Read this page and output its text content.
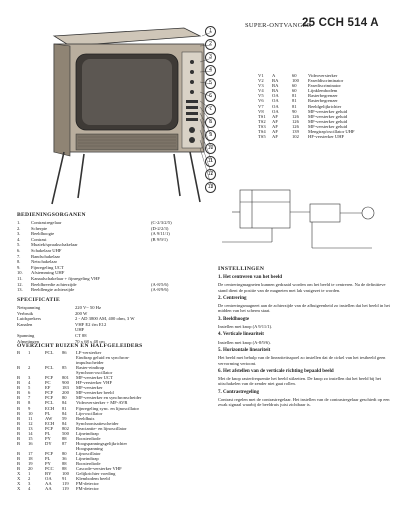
SUPER-ONTVANGER
25 CCH 514 A
1
2
3
4
5
6
7
8
9
10
11
12
13
V1	A	60	Videoversterker
V2	BA	100	Faseddiscriminator
V3	BA	60	Fasediscriminator
V4	BA	60	Lijnklembodem
V5	OA	81	Rasterbegrenzer
V6	OA	81	Rasterbegrenzer
V7	OA	81	Beeldgelijkrichter
V8	OA	90	MF-versterker geluid
TS1	AF	126	MF-versterker geluid
TS2	AF	126	MF-versterker geluid
TS3	AF	126	MF-versterker geluid
TS4	AF	139	Mengtrap/oscillator UHF
TS5	AF	102	HF-versterker UHF
BEDIENINGSORGANEN
1.	Contrastregelaar	(C-2/3/2/5)
2.	Scherpte	(D-2/2/3)
3.	Beeldhoogte	(A 9/11/1)
4.	Contrast	(B 9/9/1)
5.	Muziek/spraakschakelaar
6.	Schakelaar UHF
7.	Bandschakelaar
8.	Netschakelaar
9.	Fijnregeling UCT
10.	Afstemming UHF
11.	Kanaalschakelaar + fijnregeling VHF
12.	Beeldbreedte achterzijde	(A-8/5/6)
13.	Beeldlengte achterzijde	(A-8/9/6)
SPECIFICATIE
Netspanning	220 V~ 50 Hz
Verbruik	200 W
Luidsprekers	2 - AD 3800 AM, 400 ohm, 3 W
Kanalen	VHF E2 t/m E12
UHF
Spanning	CT 88
Afmetingen	70 x 68 x 48 cm
OVERZICHT BUIZEN EN HALFGELEIDERS
B	1	PCL	86	LF-versterker
Eindtrap geluid en synchron-
impulsscheider
B	2	PCL	85	Raster-eindtrap
Synchron-oscillator
B	3	PCF	801	MF-versterker UCT
B	4	PC	900	HF-versterker VHF
B	5	EF	183	MF-versterker
B	6	PCF	200	MF-versterker beeld
B	7	PCF	80	MF-versterker en synchronscheider
B	8	PCL	84	Videoversterker + MF-AVR
B	9	ECH	81	Fijnregeling sync. en lijnoscillator
B	10	PL	84	Lijn-oscillator
B	11	AW	59	Beeldbuis
B	12	ECH	84	Synchronisatiescheider
B	13	PCF	802	Reactantie- en lijnoscillator
B	14	PL	500	Lijneindtrap
B	15	PY	88	Boosterdiode
B	16	DY	87	Hoogspanningsgelijkrichter
Hoogspanning
B	17	PCF	80	Lijnoscillator
B	18	PL	36	Lijneindtrap
B	19	PY	88	Boosterdiode
B	20	PCC	88	Cascode-versterker VHF
X	1	BY	100	Gelijkrichter voeding
X	2	OA	91	Klembodem beeld
X	3	AA	119	FM-detector
X	4	AA	119	FM-detector
INSTELLINGEN

1. Het centreren van het beeld

De centreringmagneten kunnen gedraaid worden om het beeld te centreren. Na de definitieve stand dient de positie van de magneten met lak vastgezet te worden.

2. Centrering

De centreringsmagneet aan de achterzijde van de afbuigeenheid zo instellen dat het beeld in het midden van het scherm staat.

3. Beeldhoogte

Instellen met knop (A 9/11/1).

4. Verticale lineariteit

Instellen met knop (A-8/9/6).

5. Horizontale lineariteit

Het beeld met behulp van de lineariteitsspoel zo instellen dat de cirkel van het testbeeld geen vervorming vertoont.

6. Het afstellen van de verticale richting bepaald beeld

Met de knop rasterfrequentie het beeld stilzetten. De knop zo instellen dat het beeld bij het uitschakelen van de zender niet gaat rollen.

7. Contrastregeling

Contrast regelen met de contrastregelaar. Het instellen van de contrastregelaar geschiedt op een zwak signaal waarbij de beeldruis juist zichtbaar is.
